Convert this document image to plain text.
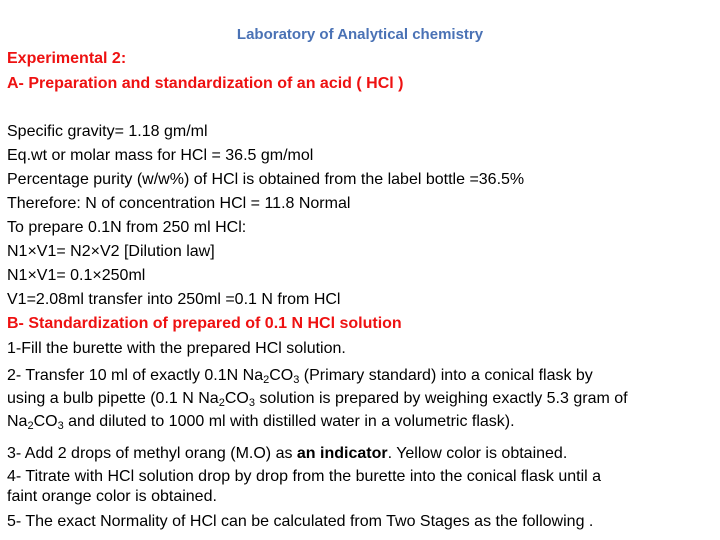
Laboratory of Analytical chemistry
Experimental 2:
A- Preparation and standardization of an acid ( HCl )
Specific gravity= 1.18 gm/ml
Eq.wt or molar mass for HCl = 36.5 gm/mol
Percentage purity (w/w%) of HCl is obtained from the label bottle =36.5%
Therefore: N of concentration HCl = 11.8 Normal
To prepare 0.1N from 250 ml HCl:
N1×V1= N2×V2 [Dilution law]
N1×V1= 0.1×250ml
V1=2.08ml transfer into 250ml =0.1 N from HCl
B- Standardization of prepared of 0.1 N HCl solution
1-Fill the burette with the prepared HCl solution.
2- Transfer 10 ml of exactly 0.1N $Na_2CO_3$ (Primary standard) into a conical flask by
using a bulb pipette (0.1 N $Na_2CO_3$ solution is prepared by weighing exactly 5.3 gram of
$Na_2CO_3$ and diluted to 1000 ml with distilled water in a volumetric flask).
3- Add 2 drops of methyl orang (M.O) as an indicator. Yellow color is obtained.
4- Titrate with HCl solution drop by drop from the burette into the conical flask until a
faint orange color is obtained.
5- The exact Normality of HCl can be calculated from Two Stages as the following .
